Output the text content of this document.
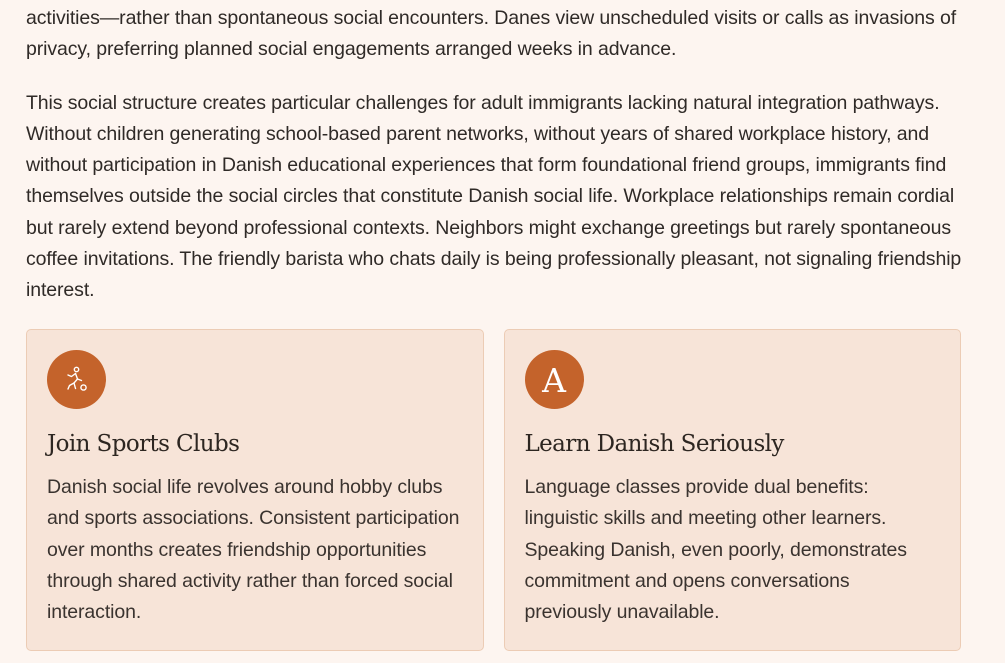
activities—rather than spontaneous social encounters. Danes view unscheduled visits or calls as invasions of privacy, preferring planned social engagements arranged weeks in advance.

This social structure creates particular challenges for adult immigrants lacking natural integration pathways. Without children generating school-based parent networks, without years of shared workplace history, and without participation in Danish educational experiences that form foundational friend groups, immigrants find themselves outside the social circles that constitute Danish social life. Workplace relationships remain cordial but rarely extend beyond professional contexts. Neighbors might exchange greetings but rarely spontaneous coffee invitations. The friendly barista who chats daily is being professionally pleasant, not signaling friendship interest.

Join Sports Clubs

Danish social life revolves around hobby clubs and sports associations. Consistent participation over months creates friendship opportunities through shared activity rather than forced social interaction.

A
Learn Danish Seriously

Language classes provide dual benefits: linguistic skills and meeting other learners. Speaking Danish, even poorly, demonstrates commitment and opens conversations previously unavailable.
